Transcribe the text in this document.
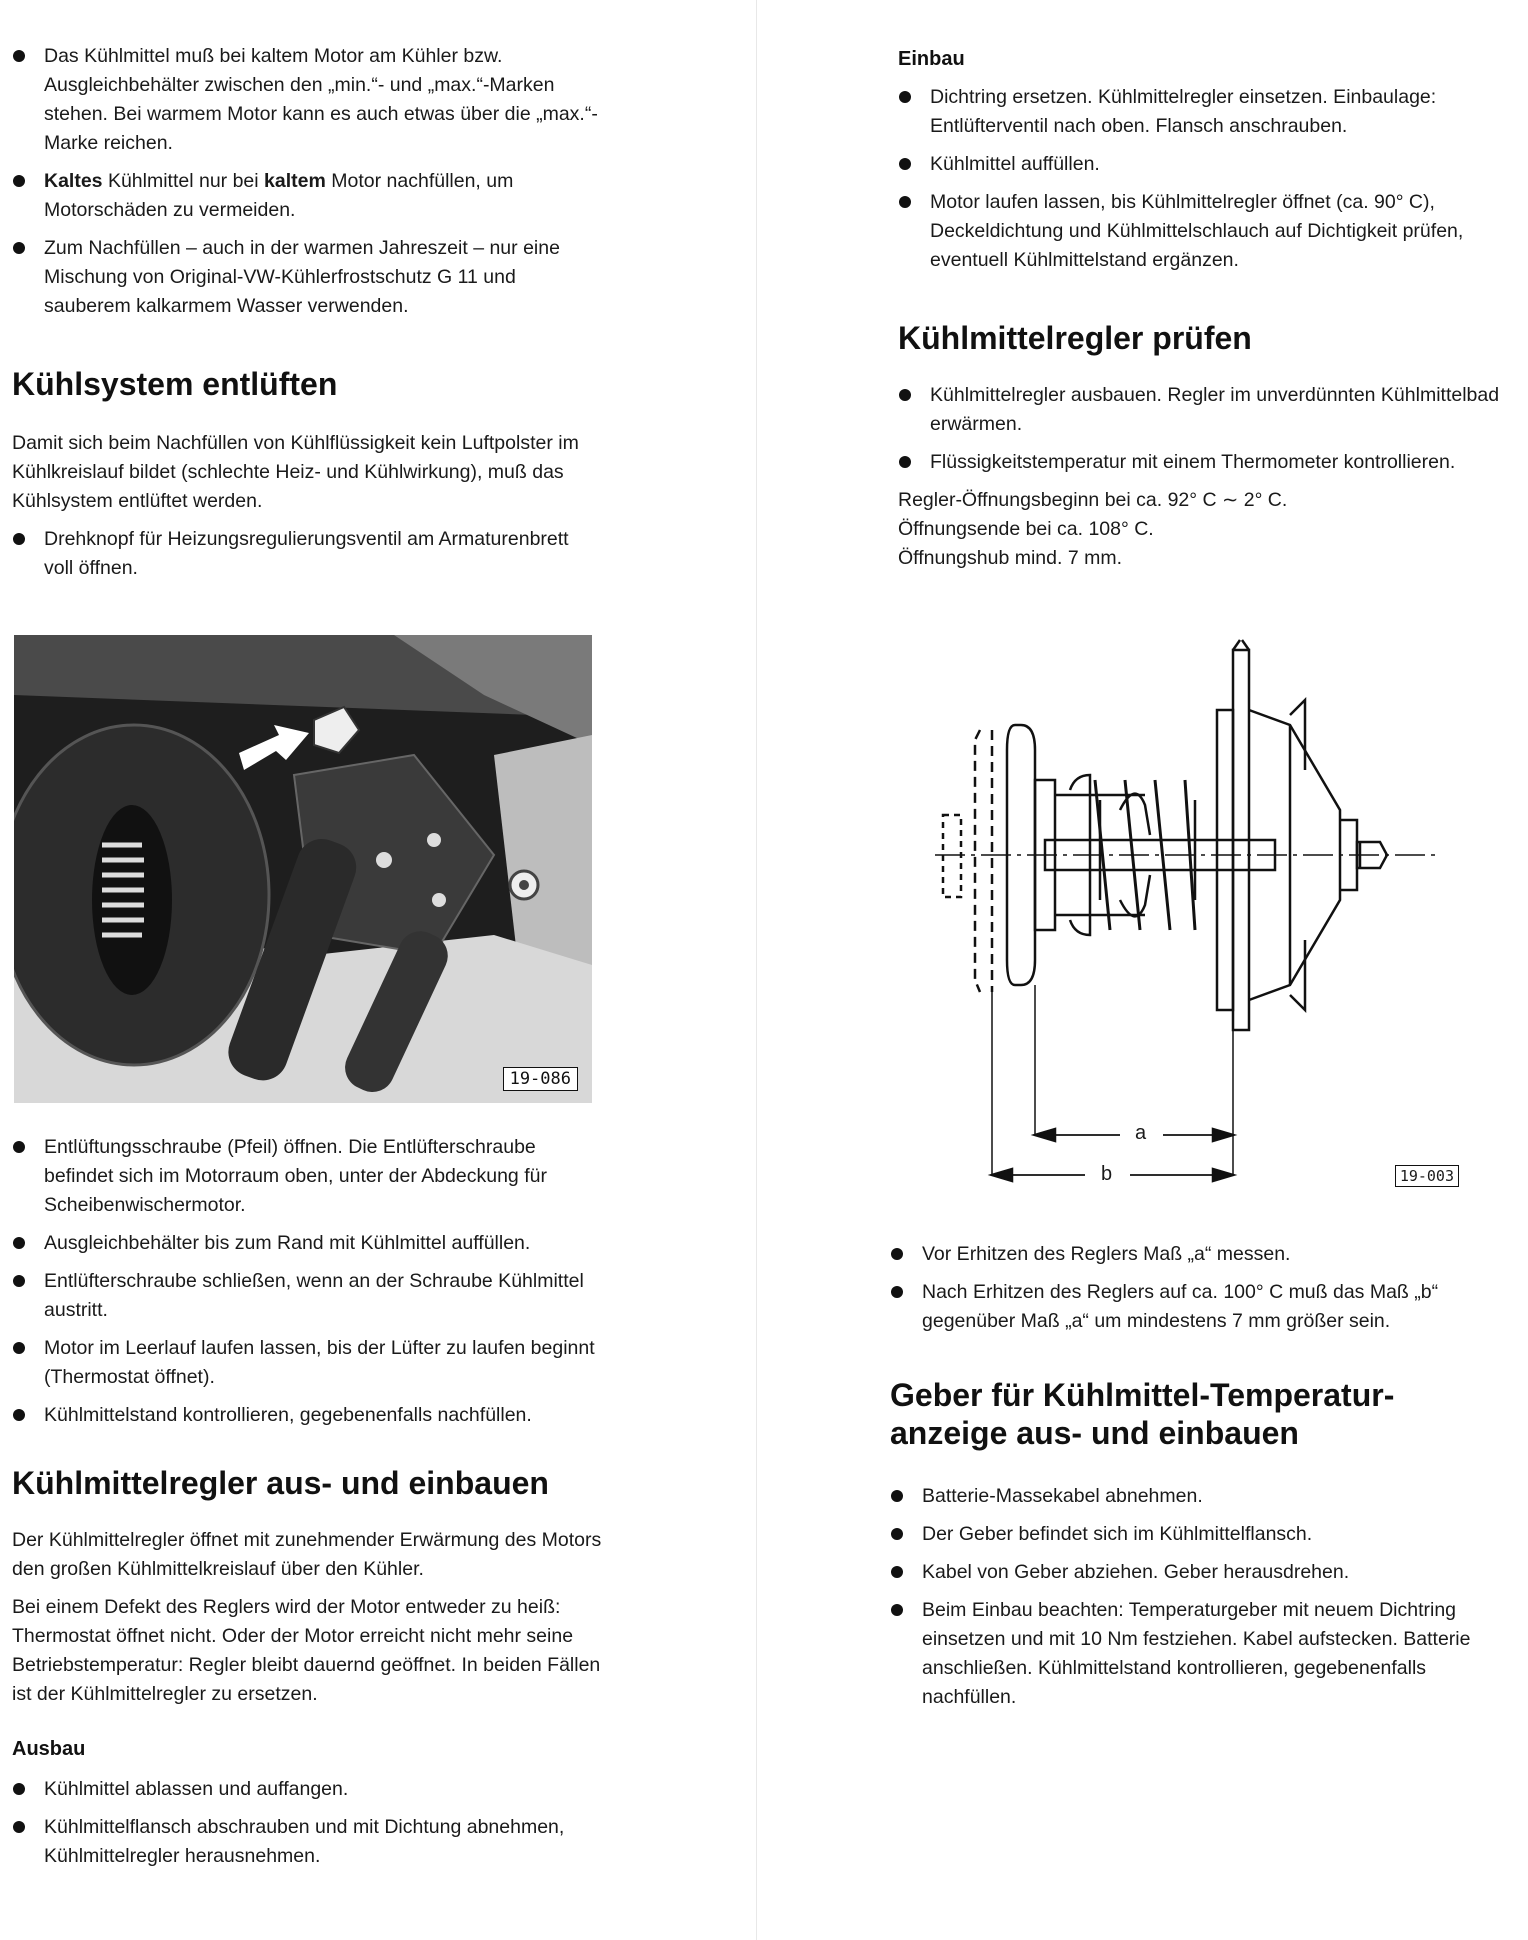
Das Kühlmittel muß bei kaltem Motor am Kühler bzw. Ausgleichbehälter zwischen den „min.“- und „max.“-Marken stehen. Bei warmem Motor kann es auch etwas über die „max.“-Marke reichen.
Kaltes Kühlmittel nur bei kaltem Motor nachfüllen, um Motorschäden zu vermeiden.
Zum Nachfüllen – auch in der warmen Jahreszeit – nur eine Mischung von Original-VW-Kühlerfrostschutz G 11 und sauberem kalkarmem Wasser verwenden.
Kühlsystem entlüften

Damit sich beim Nachfüllen von Kühlflüssigkeit kein Luftpolster im Kühlkreislauf bildet (schlechte Heiz- und Kühlwirkung), muß das Kühlsystem entlüftet werden.

Drehknopf für Heizungsregulierungsventil am Armaturenbrett voll öffnen.
19-086
Entlüftungsschraube (Pfeil) öffnen. Die Entlüfterschraube befindet sich im Motorraum oben, unter der Abdeckung für Scheibenwischermotor.
Ausgleichbehälter bis zum Rand mit Kühlmittel auffüllen.
Entlüfterschraube schließen, wenn an der Schraube Kühlmittel austritt.
Motor im Leerlauf laufen lassen, bis der Lüfter zu laufen beginnt (Thermostat öffnet).
Kühlmittelstand kontrollieren, gegebenenfalls nachfüllen.
Kühlmittelregler aus- und einbauen

Der Kühlmittelregler öffnet mit zunehmender Erwärmung des Motors den großen Kühlmittelkreislauf über den Kühler.

Bei einem Defekt des Reglers wird der Motor entweder zu heiß: Thermostat öffnet nicht. Oder der Motor erreicht nicht mehr seine Betriebstemperatur: Regler bleibt dauernd geöffnet. In beiden Fällen ist der Kühlmittelregler zu ersetzen.

Ausbau
Kühlmittel ablassen und auffangen.
Kühlmittelflansch abschrauben und mit Dichtung abnehmen, Kühlmittelregler herausnehmen.
Einbau
Dichtring ersetzen. Kühlmittelregler einsetzen. Einbaulage: Entlüfterventil nach oben. Flansch anschrauben.
Kühlmittel auffüllen.
Motor laufen lassen, bis Kühlmittelregler öffnet (ca. 90° C), Deckeldichtung und Kühlmittelschlauch auf Dichtigkeit prüfen, eventuell Kühlmittelstand ergänzen.
Kühlmittelregler prüfen
Kühlmittelregler ausbauen. Regler im unverdünnten Kühlmittelbad erwärmen.
Flüssigkeitstemperatur mit einem Thermometer kontrollieren.
Regler-Öffnungsbeginn bei ca. 92° C ∼ 2° C.
Öffnungsende bei ca. 108° C.
Öffnungshub mind. 7 mm.
a
b	19-003
Vor Erhitzen des Reglers Maß „a“ messen.
Nach Erhitzen des Reglers auf ca. 100° C muß das Maß „b“ gegenüber Maß „a“ um mindestens 7 mm größer sein.
Geber für Kühlmittel-Temperatur-
anzeige aus- und einbauen
Batterie-Massekabel abnehmen.
Der Geber befindet sich im Kühlmittelflansch.
Kabel von Geber abziehen. Geber herausdrehen.
Beim Einbau beachten: Temperaturgeber mit neuem Dichtring einsetzen und mit 10 Nm festziehen. Kabel aufstecken. Batterie anschließen. Kühlmittelstand kontrollieren, gegebenenfalls nachfüllen.
